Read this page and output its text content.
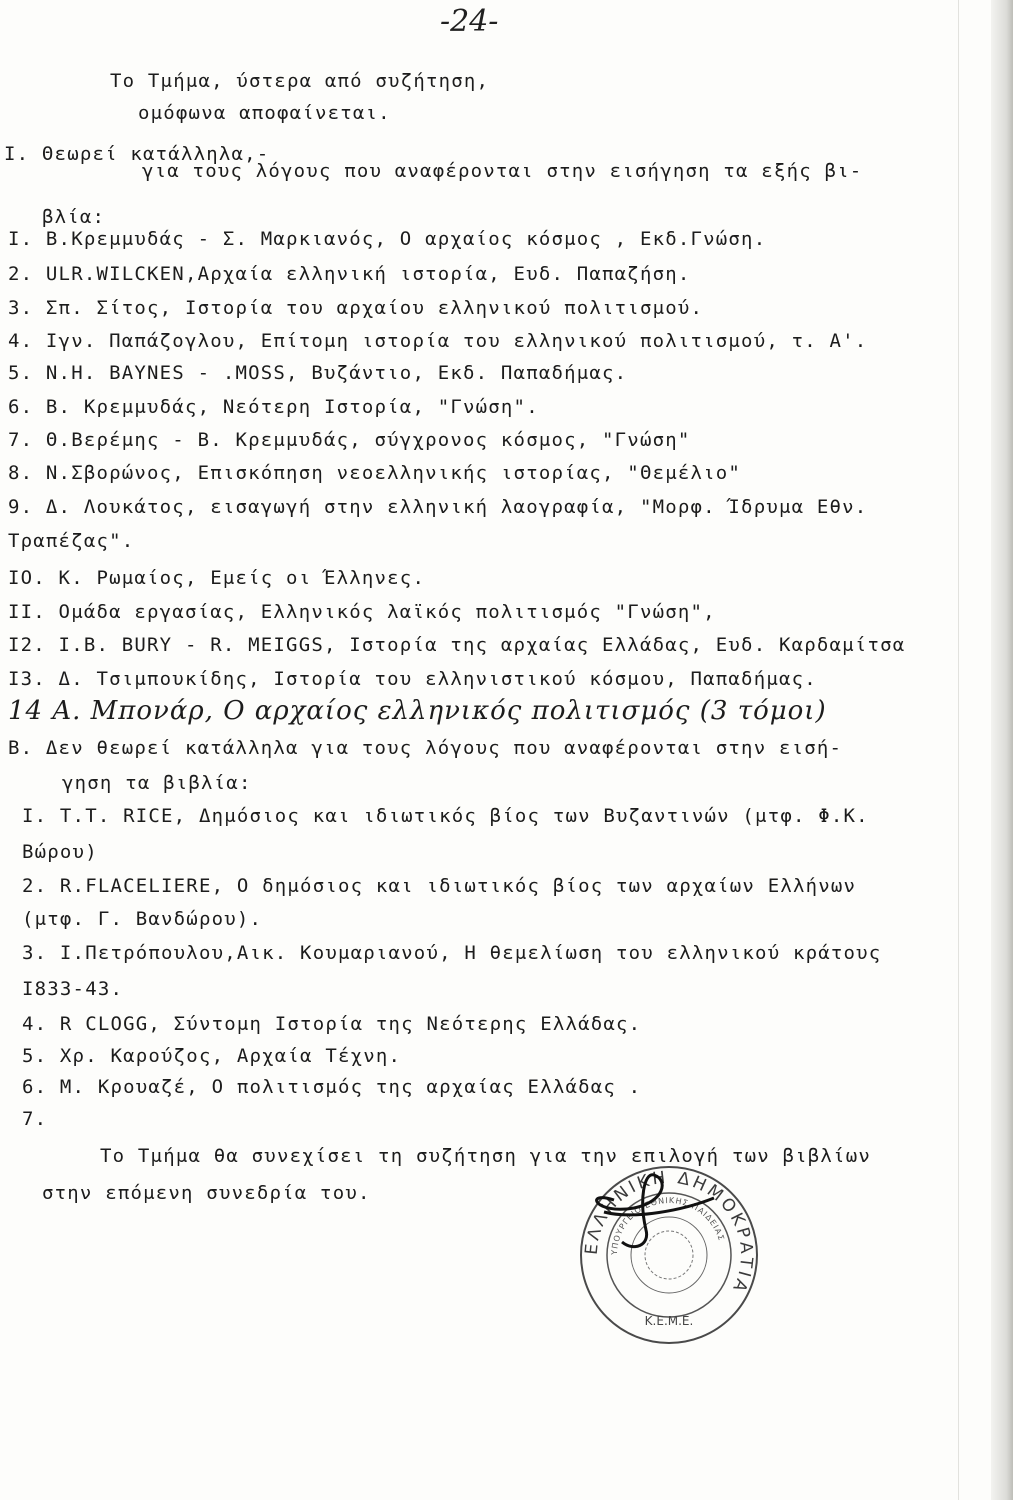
-24-
Το Τμήμα, ύστερα από συζήτηση,
ομόφωνα αποφαίνεται.
Ι. Θεωρεί κατάλληλα,-
για τους λόγους που αναφέρονται στην εισήγηση τα εξής βι-
βλία:
Ι. Β.Κρεμμυδάς - Σ. Μαρκιανός, Ο αρχαίος κόσμος , Εκδ.Γνώση.
2. ULR.WILCKEN,Αρχαία ελληνική ιστορία, Ευδ. Παπαζήση.
3. Σπ. Σίτος, Ιστορία του αρχαίου ελληνικού πολιτισμού.
4. Ιγν. Παπάζογλου, Επίτομη ιστορία του ελληνικού πολιτισμού, τ. Α'.
5. Ν.Η. BAYNES - .MOSS, Βυζάντιο, Εκδ. Παπαδήμας.
6. Β. Κρεμμυδάς, Νεότερη Ιστορία, "Γνώση".
7. Θ.Βερέμης - Β. Κρεμμυδάς, σύγχρονος κόσμος, "Γνώση"
8. Ν.Σβορώνος, Επισκόπηση νεοελληνικής ιστορίας, "Θεμέλιο"
9. Δ. Λουκάτος, εισαγωγή στην ελληνική λαογραφία, "Μορφ. Ίδρυμα Εθν.
Τραπέζας".
ΙΟ. Κ. Ρωμαίος, Εμείς οι Έλληνες.
ΙΙ. Ομάδα εργασίας, Ελληνικός λαϊκός πολιτισμός "Γνώση",
Ι2. Ι.Β. BURY - R. MEIGGS, Ιστορία της αρχαίας Ελλάδας, Ευδ. Καρδαμίτσα
Ι3. Δ. Τσιμπουκίδης, Ιστορία του ελληνιστικού κόσμου, Παπαδήμας.
14 Α. Μπονάρ, Ο αρχαίος ελληνικός πολιτισμός (3 τόμοι)
Β. Δεν θεωρεί κατάλληλα για τους λόγους που αναφέρονται στην εισή-
γηση τα βιβλία:
Ι. Τ.Τ. RICE, Δημόσιος και ιδιωτικός βίος των Βυζαντινών (μτφ. Φ.Κ.
Βώρου)
2. R.FLACELIERE, Ο δημόσιος και ιδιωτικός βίος των αρχαίων Ελλήνων
(μτφ. Γ. Βανδώρου).
3. Ι.Πετρόπουλου,Αικ. Κουμαριανού, Η θεμελίωση του ελληνικού κράτους
Ι833-43.
4. R CLOGG, Σύντομη Ιστορία της Νεότερης Ελλάδας.
5. Χρ. Καρούζος, Αρχαία Τέχνη.
6. Μ. Κρουαζέ, Ο πολιτισμός της αρχαίας Ελλάδας .
7.
Το Τμήμα θα συνεχίσει τη συζήτηση για την επιλογή των βιβλίων
στην επόμενη συνεδρία του.
ΕΛΛΗΝΙΚΗ ΔΗΜΟΚΡΑΤΙΑ
ΥΠΟΥΡΓΕΙΟ ΕΘΝΙΚΗΣ ΠΑΙΔΕΙΑΣ
Κ.Ε.Μ.Ε.
